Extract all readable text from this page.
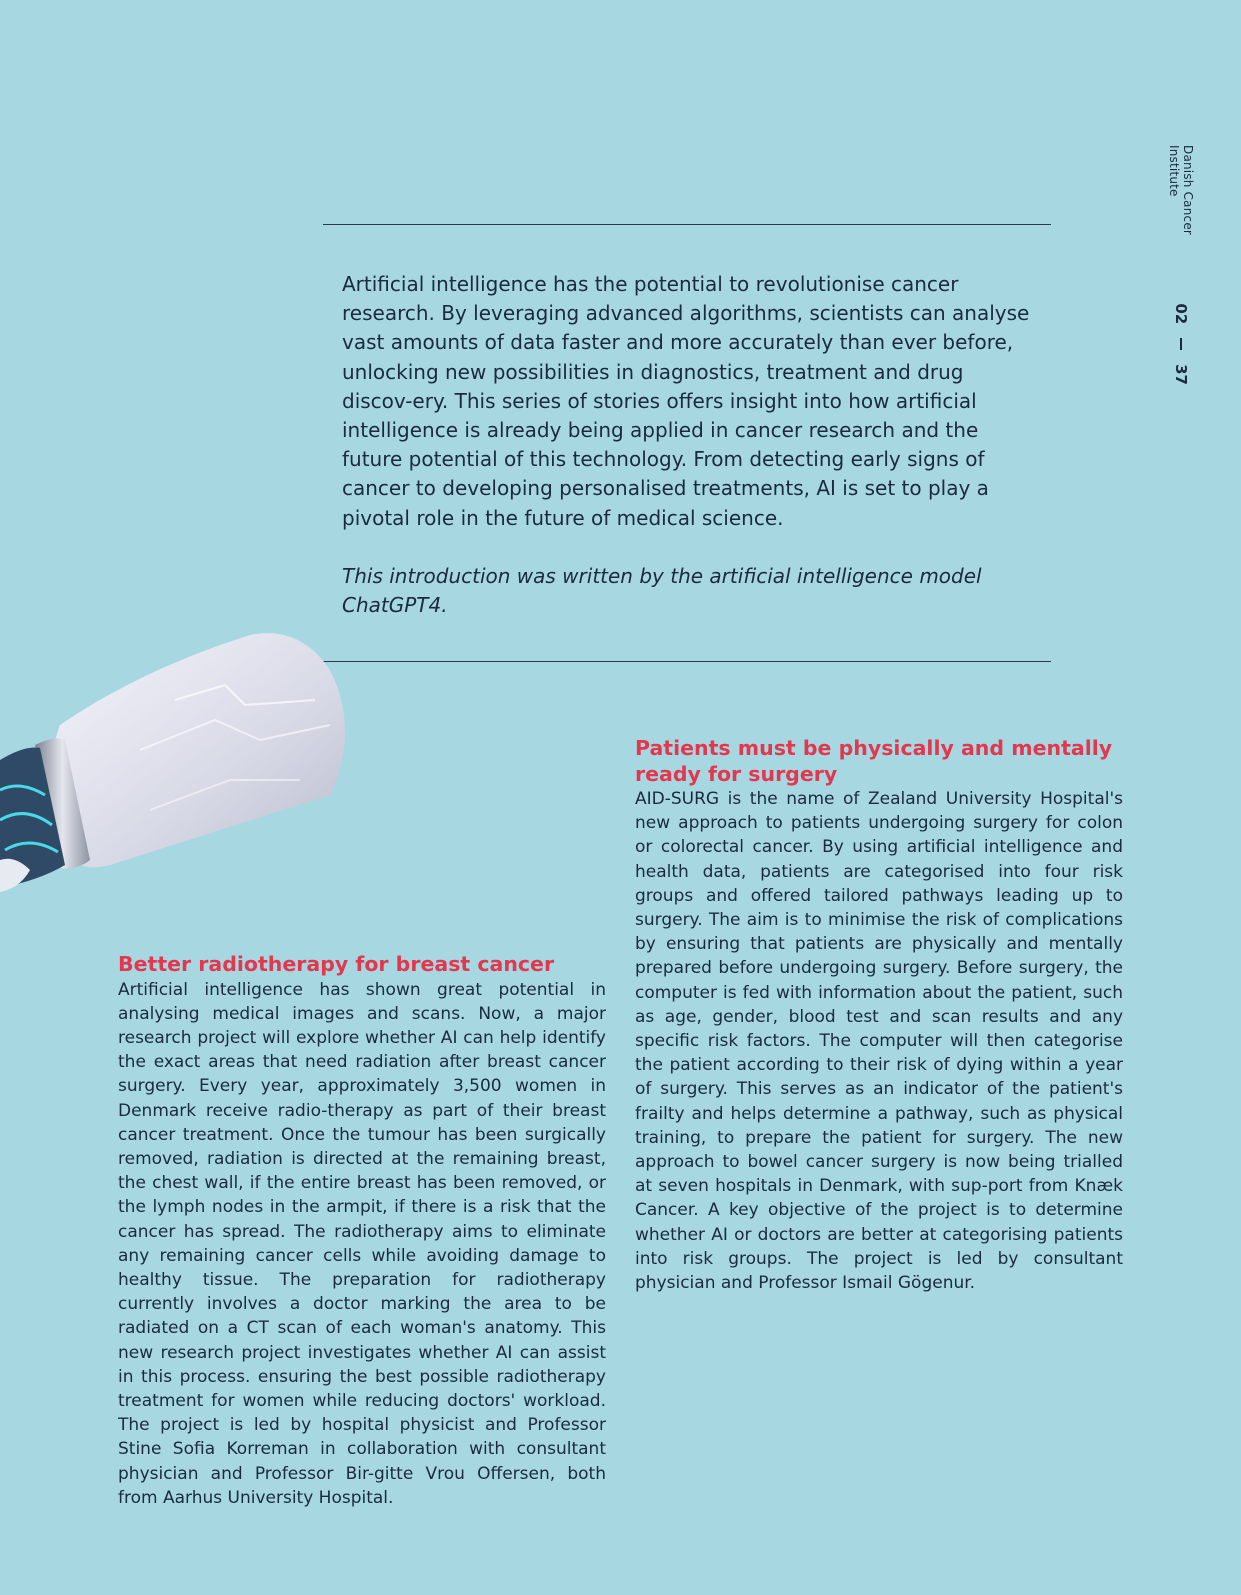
37
02
Danish Cancer Institute

Artificial intelligence has the potential to revolutionise cancer research. By leveraging advanced algorithms, scientists can analyse vast amounts of data faster and more accurately than ever before, unlocking new possibilities in diagnostics, treatment and drug discov-ery. This series of stories offers insight into how artificial intelligence is already being applied in cancer research and the future potential of this technology. From detecting early signs of cancer to developing personalised treatments, AI is set to play a pivotal role in the future of medical science.

This introduction was written by the artificial intelligence model ChatGPT4.

Better radiotherapy for breast cancer

Artificial intelligence has shown great potential in analysing medical images and scans. Now, a major research project will explore whether AI can help identify the exact areas that need radiation after breast cancer surgery. Every year, approximately 3,500 women in Denmark receive radio-therapy as part of their breast cancer treatment. Once the tumour has been surgically removed, radiation is directed at the remaining breast, the chest wall, if the entire breast has been removed, or the lymph nodes in the armpit, if there is a risk that the cancer has spread. The radiotherapy aims to eliminate any remaining cancer cells while avoiding damage to healthy tissue. The preparation for radiotherapy currently involves a doctor marking the area to be radiated on a CT scan of each woman's anatomy. This new research project investigates whether AI can assist in this process. ensuring the best possible radiotherapy treatment for women while reducing doctors' workload. The project is led by hospital physicist and Professor Stine Sofia Korreman in collaboration with consultant physician and Professor Bir-gitte Vrou Offersen, both from Aarhus University Hospital.

Patients must be physically and mentally ready for surgery

AID-SURG is the name of Zealand University Hospital's new approach to patients undergoing surgery for colon or colorectal cancer. By using artificial intelligence and health data, patients are categorised into four risk groups and offered tailored pathways leading up to surgery. The aim is to minimise the risk of complications by ensuring that patients are physically and mentally prepared before undergoing surgery. Before surgery, the computer is fed with information about the patient, such as age, gender, blood test and scan results and any specific risk factors. The computer will then categorise the patient according to their risk of dying within a year of surgery. This serves as an indicator of the patient's frailty and helps determine a pathway, such as physical training, to prepare the patient for surgery. The new approach to bowel cancer surgery is now being trialled at seven hospitals in Denmark, with sup-port from Knæk Cancer. A key objective of the project is to determine whether AI or doctors are better at categorising patients into risk groups. The project is led by consultant physician and Professor Ismail Gögenur.
